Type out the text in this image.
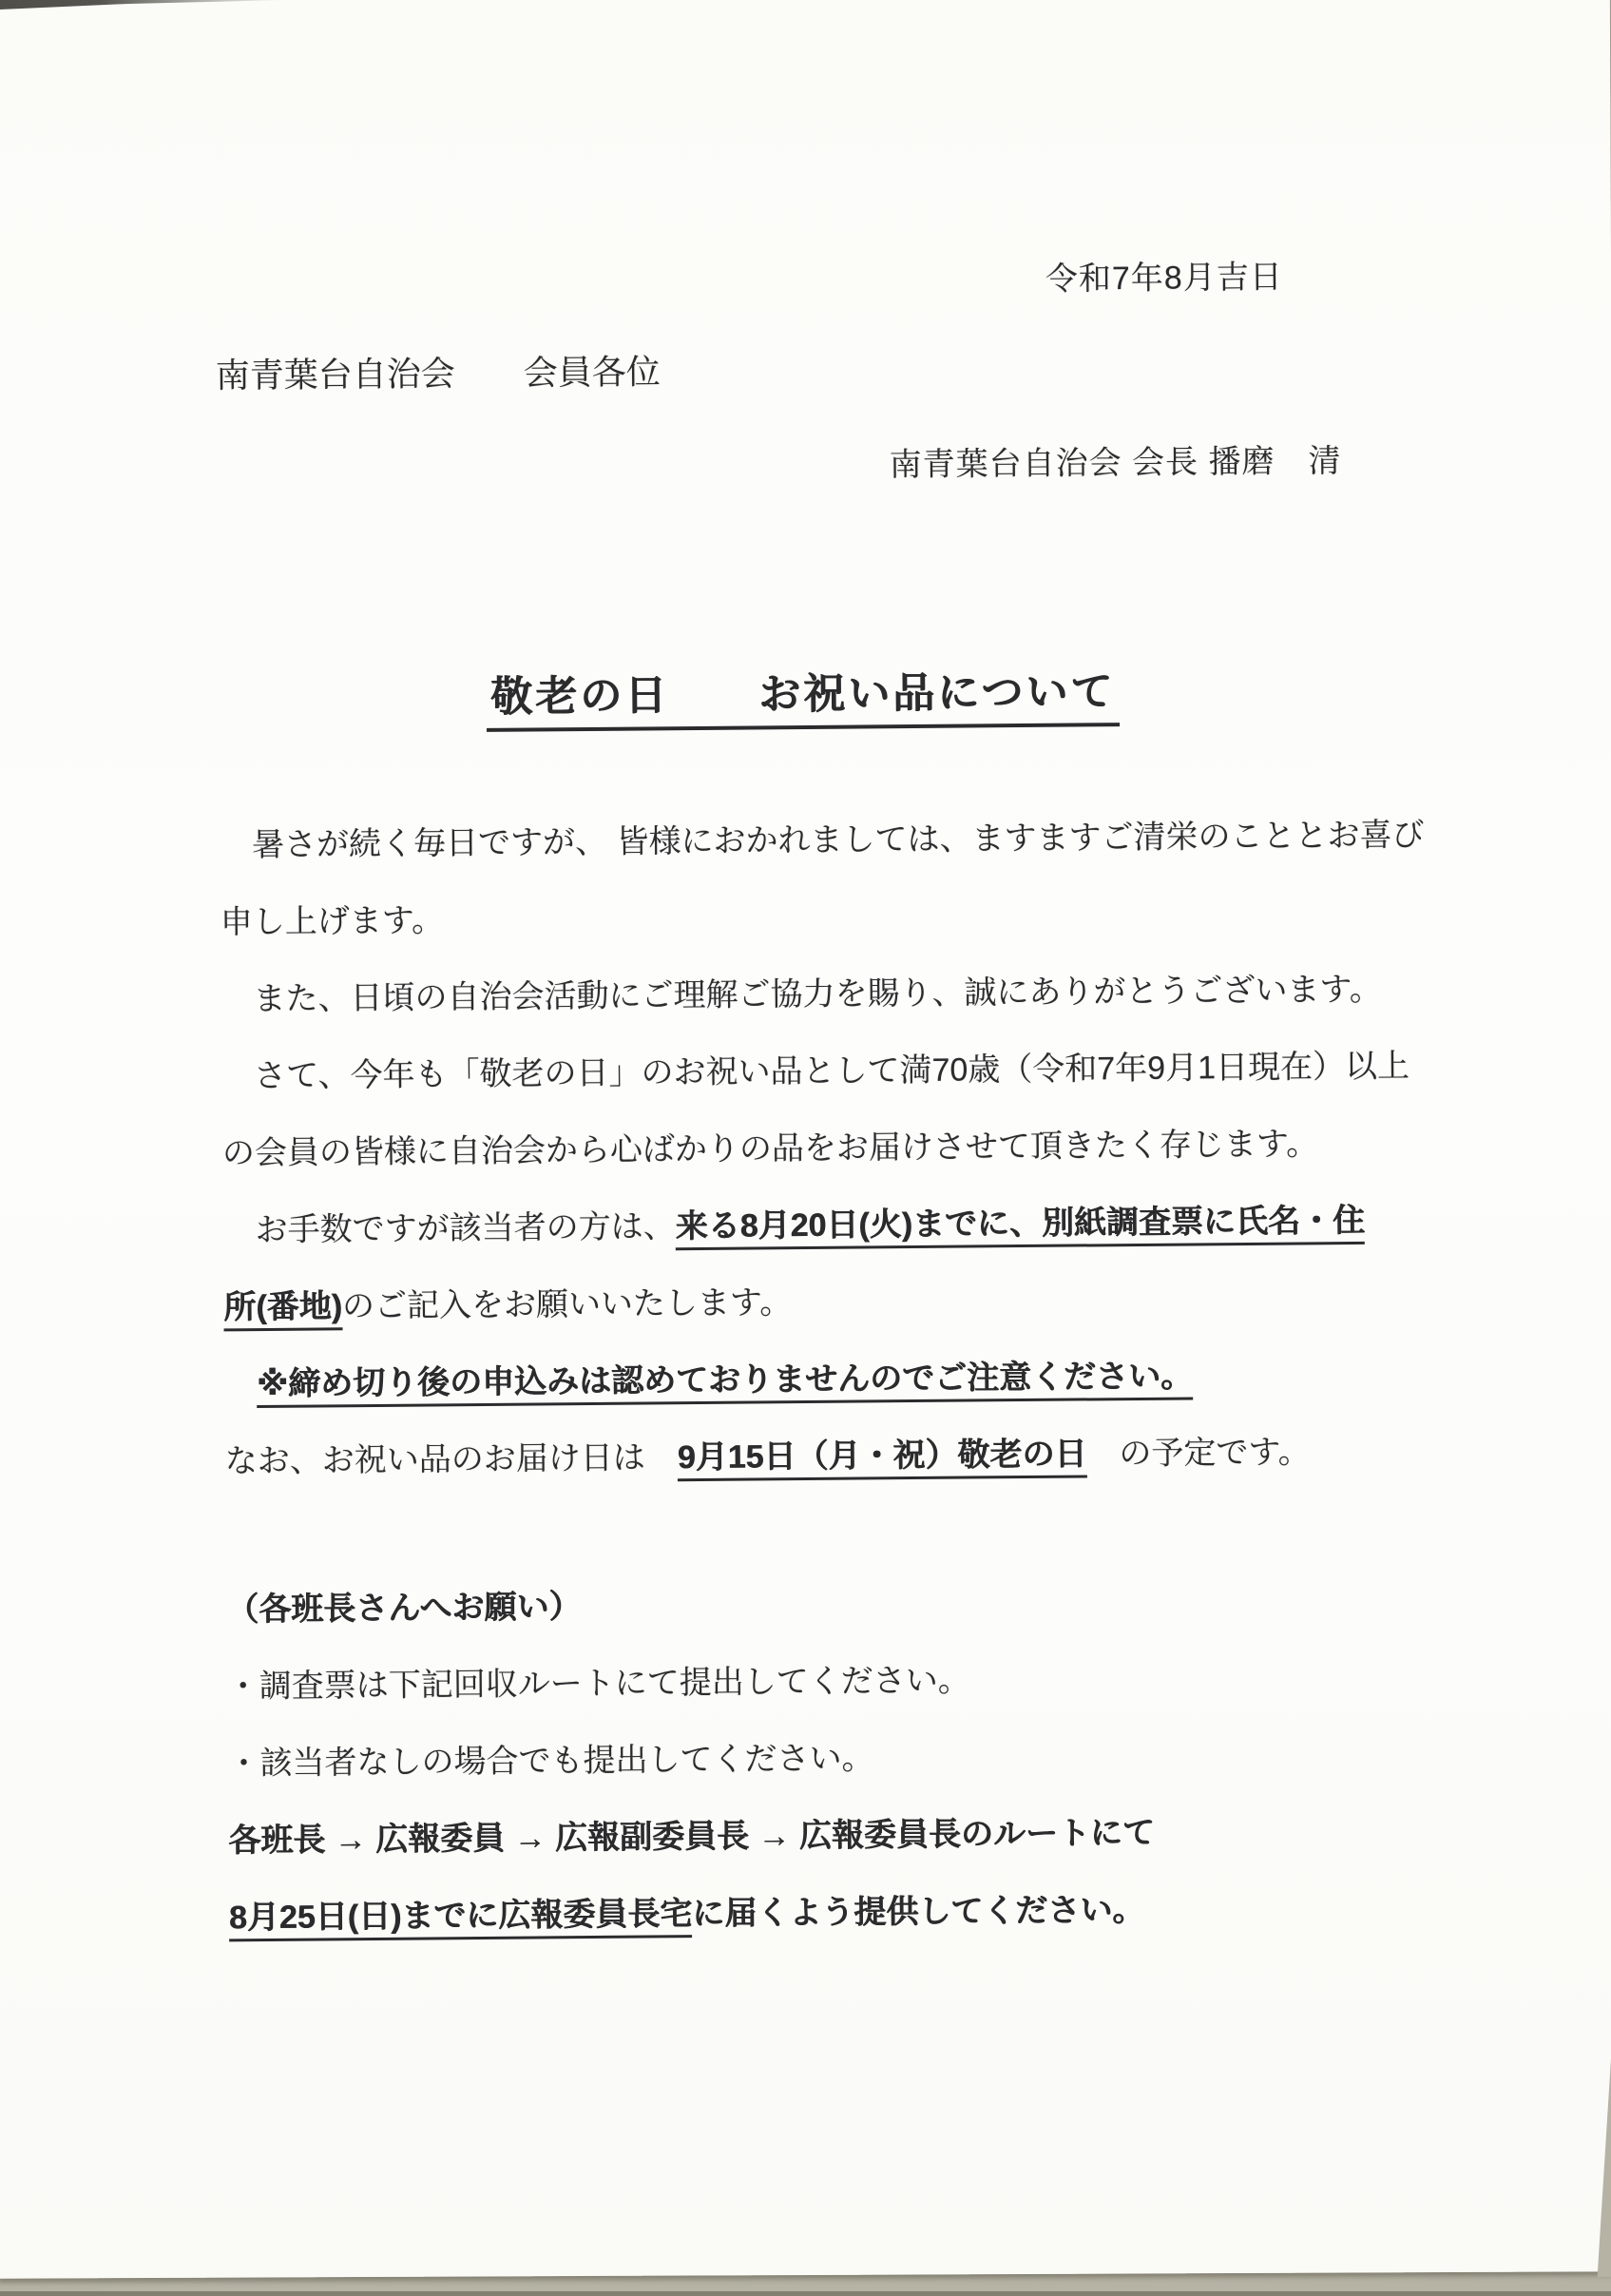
令和7年8月吉日
南青葉台自治会　　会員各位
南青葉台自治会 会長 播磨　清
敬老の日　　お祝い品について
　暑さが続く毎日ですが、 皆様におかれましては、ますますご清栄のこととお喜び
申し上げます。
　また、日頃の自治会活動にご理解ご協力を賜り、誠にありがとうございます。
　さて、今年も「敬老の日」のお祝い品として満70歳（令和7年9月1日現在）以上
の会員の皆様に自治会から心ばかりの品をお届けさせて頂きたく存じます。
　お手数ですが該当者の方は、来る8月20日(火)までに、別紙調査票に氏名・住
所(番地)のご記入をお願いいたします。
　※締め切り後の申込みは認めておりませんのでご注意ください。
なお、お祝い品のお届け日は　9月15日（月・祝）敬老の日　の予定です。
（各班長さんへお願い）
・調査票は下記回収ルートにて提出してください。
・該当者なしの場合でも提出してください。
各班長 → 広報委員 → 広報副委員長 → 広報委員長のルートにて
8月25日(日)までに広報委員長宅に届くよう提供してください。
